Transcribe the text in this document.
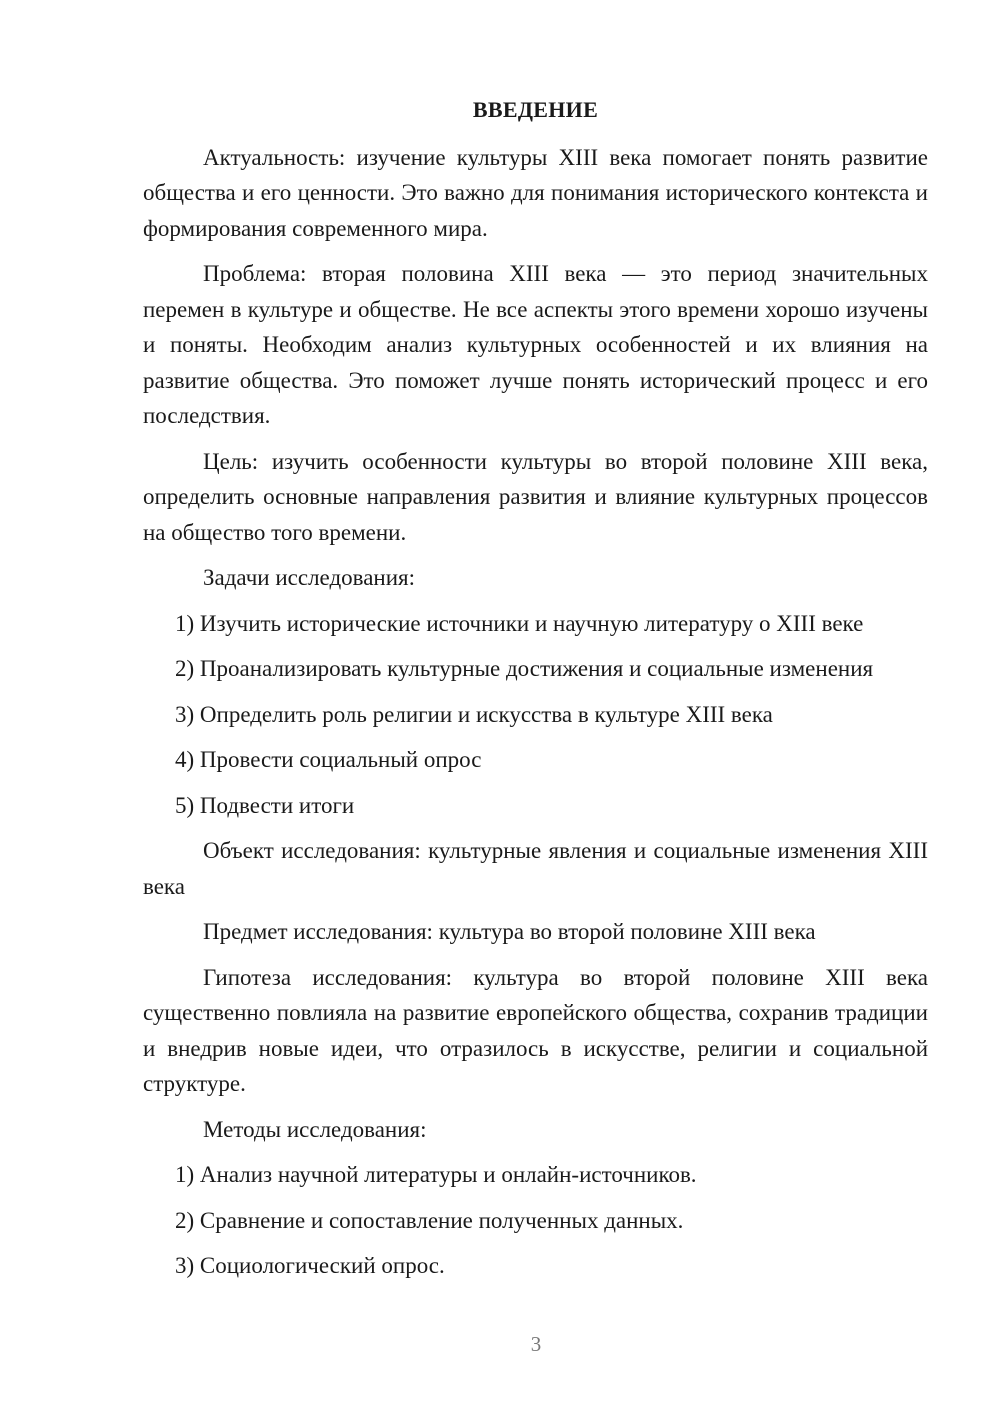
ВВЕДЕНИЕ
Актуальность: изучение культуры XIII века помогает понять развитие общества и его ценности. Это важно для понимания исторического контекста и формирования современного мира.
Проблема: вторая половина XIII века — это период значительных перемен в культуре и обществе. Не все аспекты этого времени хорошо изучены и поняты. Необходим анализ культурных особенностей и их влияния на развитие общества. Это поможет лучше понять исторический процесс и его последствия.
Цель: изучить особенности культуры во второй половине XIII века, определить основные направления развития и влияние культурных процессов на общество того времени.
Задачи исследования:
1) Изучить исторические источники и научную литературу о XIII веке
2) Проанализировать культурные достижения и социальные изменения
3) Определить роль религии и искусства в культуре XIII века
4) Провести социальный опрос
5) Подвести итоги
Объект исследования: культурные явления и социальные изменения XIII века
Предмет исследования: культура во второй половине XIII века
Гипотеза исследования: культура во второй половине XIII века существенно повлияла на развитие европейского общества, сохранив традиции и внедрив новые идеи, что отразилось в искусстве, религии и социальной структуре.
Методы исследования:
1) Анализ научной литературы и онлайн-источников.
2) Сравнение и сопоставление полученных данных.
3) Социологический опрос.
3
